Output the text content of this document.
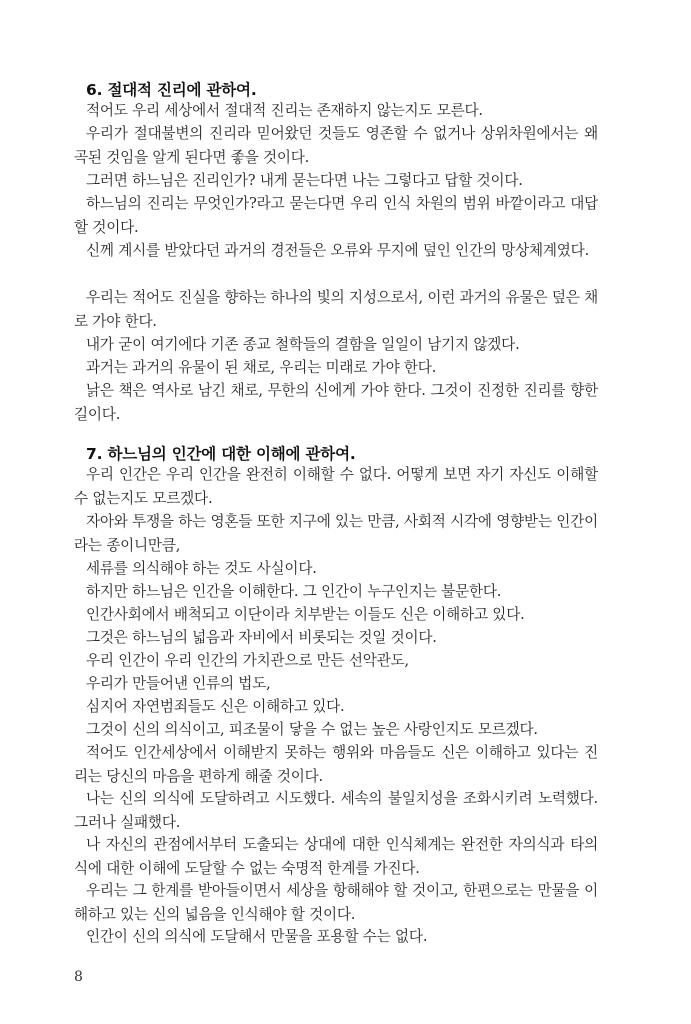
6. 절대적 진리에 관하여.
적어도 우리 세상에서 절대적 진리는 존재하지 않는지도 모른다.
우리가 절대불변의 진리라 믿어왔던 것들도 영존할 수 없거나 상위차원에서는 왜곡된 것임을 알게 된다면 좋을 것이다.
그러면 하느님은 진리인가? 내게 묻는다면 나는 그렇다고 답할 것이다.
하느님의 진리는 무엇인가?라고 묻는다면 우리 인식 차원의 범위 바깥이라고 대답할 것이다.
신께 계시를 받았다던 과거의 경전들은 오류와 무지에 덮인 인간의 망상체계였다.
우리는 적어도 진실을 향하는 하나의 빛의 지성으로서, 이런 과거의 유물은 덮은 채로 가야 한다.
내가 굳이 여기에다 기존 종교 철학들의 결함을 일일이 남기지 않겠다.
과거는 과거의 유물이 된 채로, 우리는 미래로 가야 한다.
낡은 책은 역사로 남긴 채로, 무한의 신에게 가야 한다. 그것이 진정한 진리를 향한 길이다.
7. 하느님의 인간에 대한 이해에 관하여.
우리 인간은 우리 인간을 완전히 이해할 수 없다. 어떻게 보면 자기 자신도 이해할 수 없는지도 모르겠다.
자아와 투쟁을 하는 영혼들 또한 지구에 있는 만큼, 사회적 시각에 영향받는 인간이라는 종이니만큼,
세류를 의식해야 하는 것도 사실이다.
하지만 하느님은 인간을 이해한다. 그 인간이 누구인지는 불문한다.
인간사회에서 배척되고 이단이라 치부받는 이들도 신은 이해하고 있다.
그것은 하느님의 넓음과 자비에서 비롯되는 것일 것이다.
우리 인간이 우리 인간의 가치관으로 만든 선악관도,
우리가 만들어낸 인류의 법도,
심지어 자연범죄들도 신은 이해하고 있다.
그것이 신의 의식이고, 피조물이 닿을 수 없는 높은 사랑인지도 모르겠다.
적어도 인간세상에서 이해받지 못하는 행위와 마음들도 신은 이해하고 있다는 진리는 당신의 마음을 편하게 해줄 것이다.
나는 신의 의식에 도달하려고 시도했다. 세속의 불일치성을 조화시키려 노력했다. 그러나 실패했다.
나 자신의 관점에서부터 도출되는 상대에 대한 인식체계는 완전한 자의식과 타의식에 대한 이해에 도달할 수 없는 숙명적 한계를 가진다.
우리는 그 한계를 받아들이면서 세상을 항해해야 할 것이고, 한편으로는 만물을 이해하고 있는 신의 넓음을 인식해야 할 것이다.
인간이 신의 의식에 도달해서 만물을 포용할 수는 없다.
8
